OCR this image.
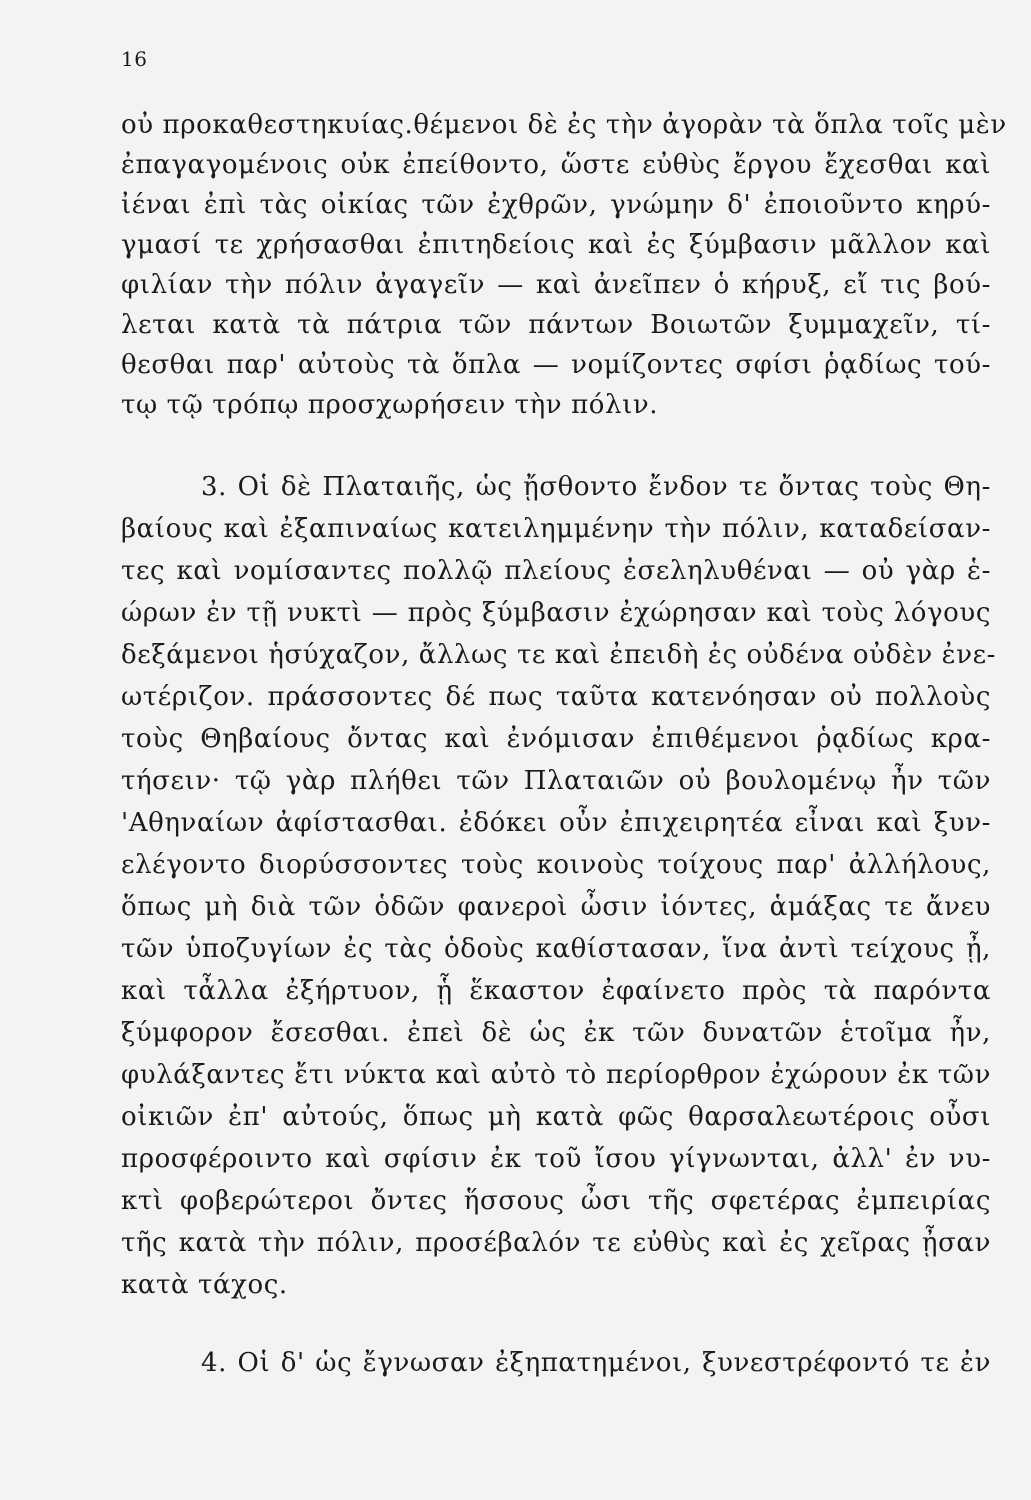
16
οὐ προκαθεστηκυίας.θέμενοι δὲ ἐς τὴν ἀγορὰν τὰ ὅπλα τοῖς μὲν
ἐπαγαγομένοις οὐκ ἐπείθοντο, ὥστε εὐθὺς ἔργου ἔχεσθαι καὶ
ἰέναι ἐπὶ τὰς οἰκίας τῶν ἐχθρῶν, γνώμην δ' ἐποιοῦντο κηρύ-
γμασί τε χρήσασθαι ἐπιτηδείοις καὶ ἐς ξύμβασιν μᾶλλον καὶ
φιλίαν τὴν πόλιν ἀγαγεῖν — καὶ ἀνεῖπεν ὁ κήρυξ, εἴ τις βού-
λεται κατὰ τὰ πάτρια τῶν πάντων Βοιωτῶν ξυμμαχεῖν, τί-
θεσθαι παρ' αὐτοὺς τὰ ὅπλα — νομίζοντες σφίσι ῥᾳδίως τού-
τῳ τῷ τρόπῳ προσχωρήσειν τὴν πόλιν.
3. Οἱ δὲ Πλαταιῆς, ὡς ᾔσθοντο ἔνδον τε ὄντας τοὺς Θη-
βαίους καὶ ἐξαπιναίως κατειλημμένην τὴν πόλιν, καταδείσαν-
τες καὶ νομίσαντες πολλῷ πλείους ἐσεληλυθέναι — οὐ γὰρ ἑ-
ώρων ἐν τῇ νυκτὶ — πρὸς ξύμβασιν ἐχώρησαν καὶ τοὺς λόγους
δεξάμενοι ἡσύχαζον, ἄλλως τε καὶ ἐπειδὴ ἐς οὐδένα οὐδὲν ἐνε-
ωτέριζον. πράσσοντες δέ πως ταῦτα κατενόησαν οὐ πολλοὺς
τοὺς Θηβαίους ὄντας καὶ ἐνόμισαν ἐπιθέμενοι ῥᾳδίως κρα-
τήσειν· τῷ γὰρ πλήθει τῶν Πλαταιῶν οὐ βουλομένῳ ἦν τῶν
'Αθηναίων ἀφίστασθαι. ἐδόκει οὖν ἐπιχειρητέα εἶναι καὶ ξυν-
ελέγοντο διορύσσοντες τοὺς κοινοὺς τοίχους παρ' ἀλλήλους,
ὅπως μὴ διὰ τῶν ὁδῶν φανεροὶ ὦσιν ἰόντες, ἁμάξας τε ἄνευ
τῶν ὑποζυγίων ἐς τὰς ὁδοὺς καθίστασαν, ἵνα ἀντὶ τείχους ᾖ,
καὶ τἆλλα ἐξήρτυον, ᾗ ἕκαστον ἐφαίνετο πρὸς τὰ παρόντα
ξύμφορον ἔσεσθαι. ἐπεὶ δὲ ὡς ἐκ τῶν δυνατῶν ἑτοῖμα ἦν,
φυλάξαντες ἔτι νύκτα καὶ αὐτὸ τὸ περίορθρον ἐχώρουν ἐκ τῶν
οἰκιῶν ἐπ' αὐτούς, ὅπως μὴ κατὰ φῶς θαρσαλεωτέροις οὖσι
προσφέροιντο καὶ σφίσιν ἐκ τοῦ ἴσου γίγνωνται, ἀλλ' ἐν νυ-
κτὶ φοβερώτεροι ὄντες ἥσσους ὦσι τῆς σφετέρας ἐμπειρίας
τῆς κατὰ τὴν πόλιν, προσέβαλόν τε εὐθὺς καὶ ἐς χεῖρας ᾖσαν
κατὰ τάχος.
4. Οἱ δ' ὡς ἔγνωσαν ἐξηπατημένοι, ξυνεστρέφοντό τε ἐν
